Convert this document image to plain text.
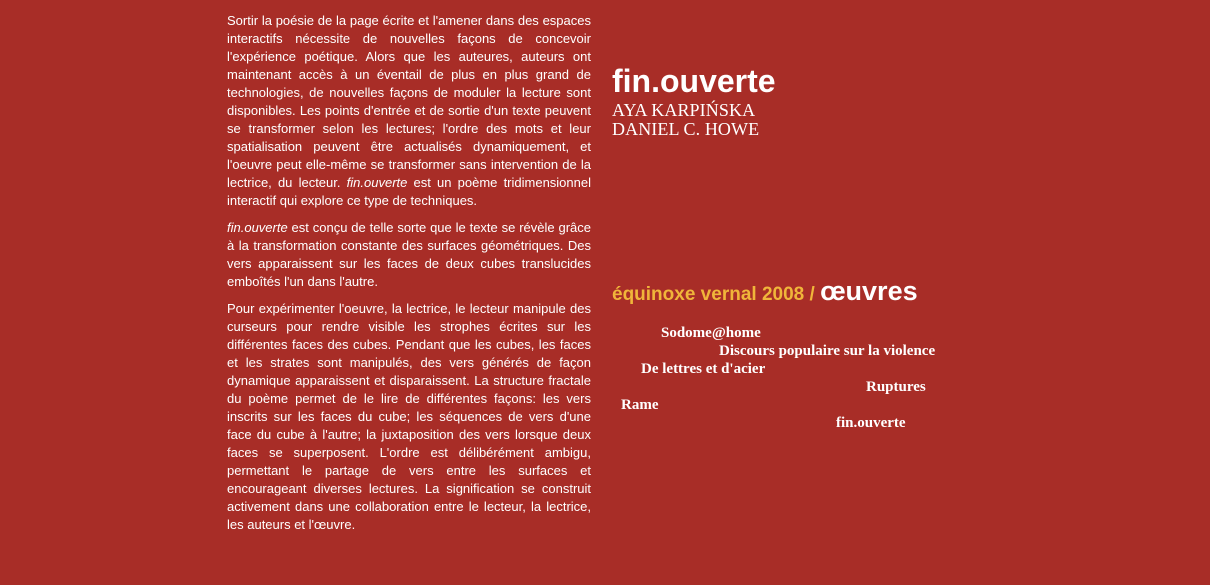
Sortir la poésie de la page écrite et l'amener dans des espaces interactifs nécessite de nouvelles façons de concevoir l'expérience poétique. Alors que les auteures, auteurs ont maintenant accès à un éventail de plus en plus grand de technologies, de nouvelles façons de moduler la lecture sont disponibles. Les points d'entrée et de sortie d'un texte peuvent se transformer selon les lectures; l'ordre des mots et leur spatialisation peuvent être actualisés dynamiquement, et l'oeuvre peut elle-même se transformer sans intervention de la lectrice, du lecteur. fin.ouverte est un poème tridimensionnel interactif qui explore ce type de techniques.

fin.ouverte est conçu de telle sorte que le texte se révèle grâce à la transformation constante des surfaces géométriques. Des vers apparaissent sur les faces de deux cubes translucides emboîtés l'un dans l'autre.

Pour expérimenter l'oeuvre, la lectrice, le lecteur manipule des curseurs pour rendre visible les strophes écrites sur les différentes faces des cubes. Pendant que les cubes, les faces et les strates sont manipulés, des vers générés de façon dynamique apparaissent et disparaissent. La structure fractale du poème permet de le lire de différentes façons: les vers inscrits sur les faces du cube; les séquences de vers d'une face du cube à l'autre; la juxtaposition des vers lorsque deux faces se superposent. L'ordre est délibérément ambigu, permettant le partage de vers entre les surfaces et encourageant diverses lectures. La signification se construit activement dans une collaboration entre le lecteur, la lectrice, les auteurs et l'œuvre.

fin.ouverte
AYA KARPIŃSKA
DANIEL C. HOWE
équinoxe vernal 2008 / œuvres
Sodome@home
Discours populaire sur la violence
De lettres et d'acier
Ruptures
Rame
fin.ouverte
